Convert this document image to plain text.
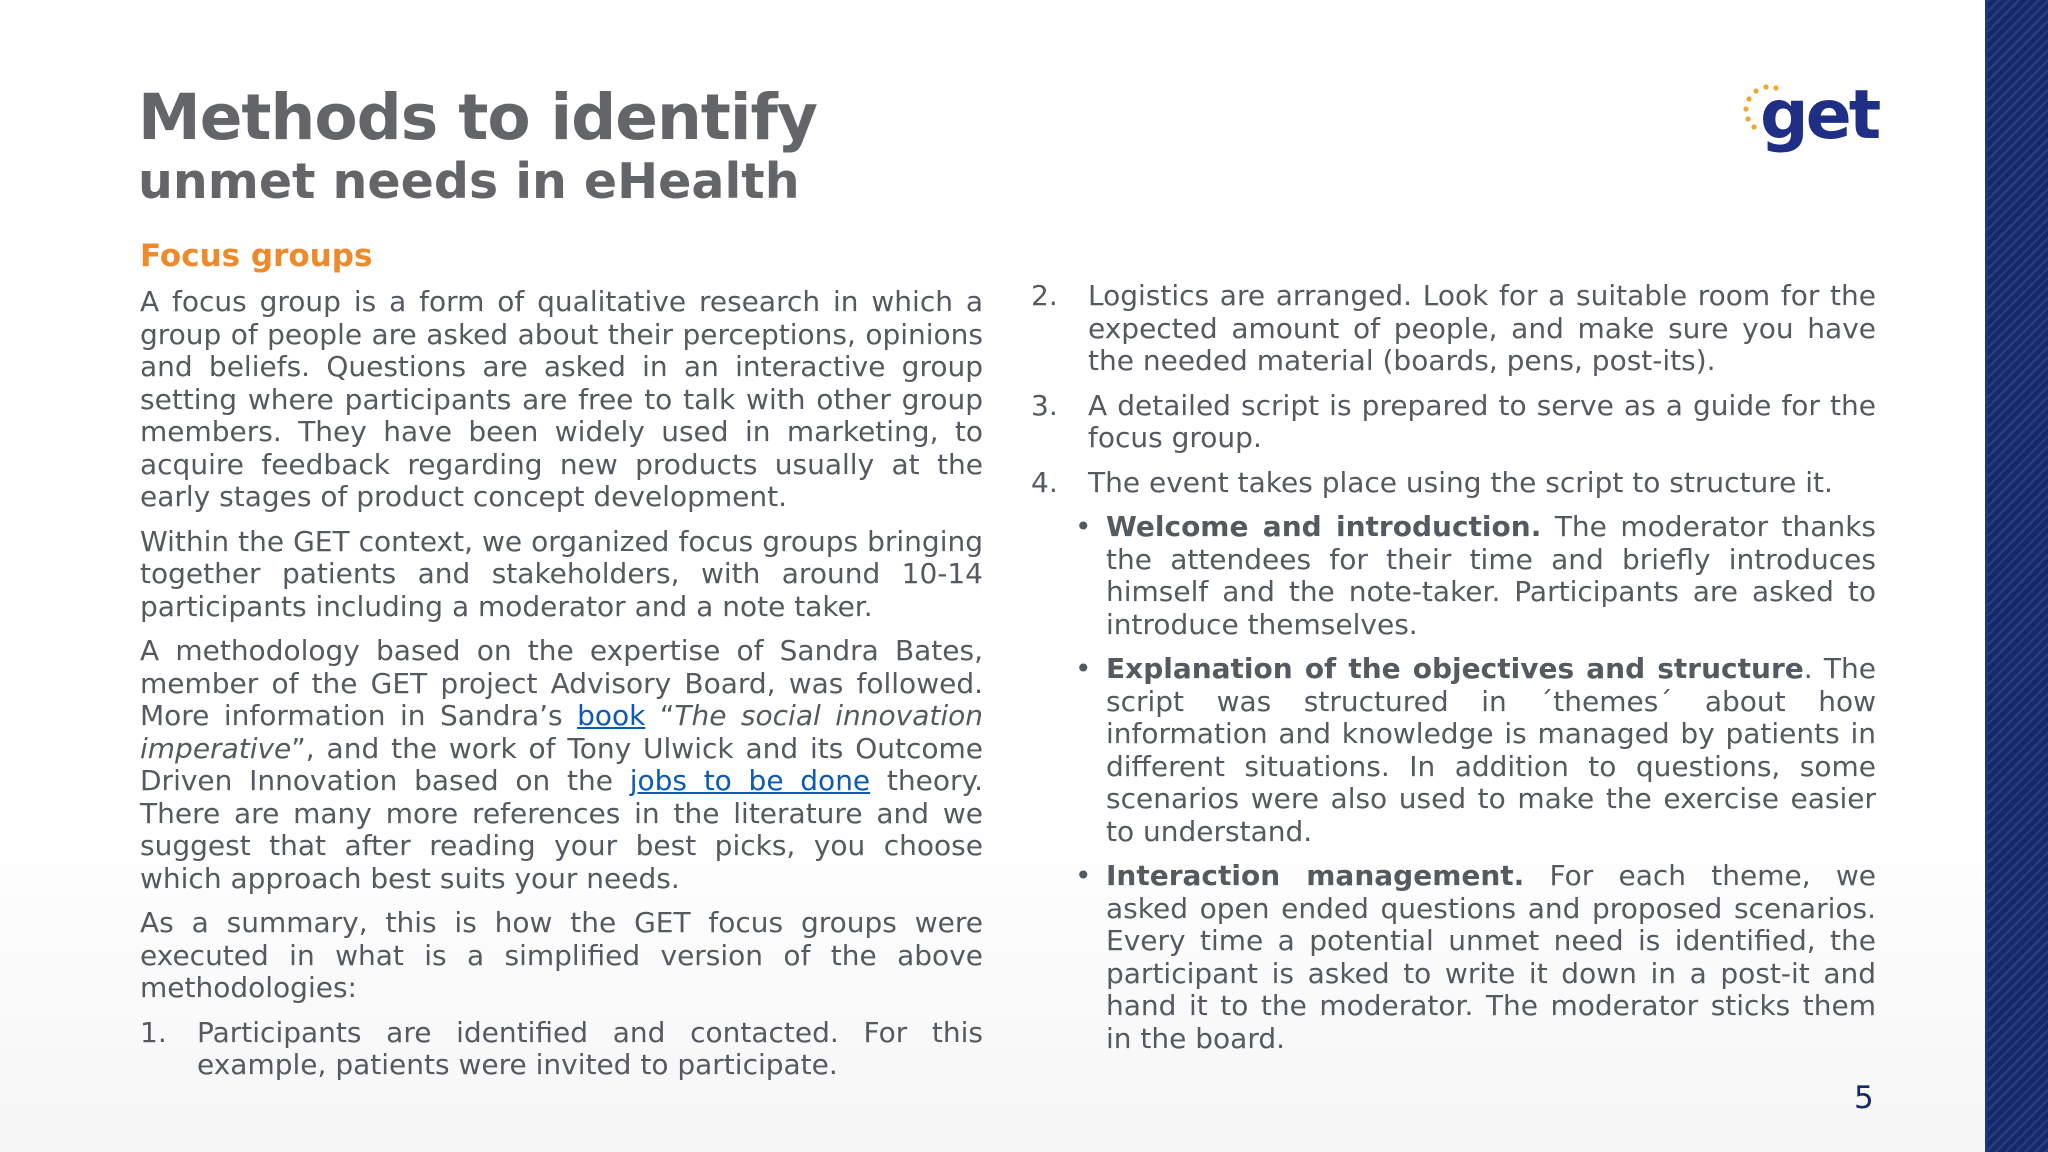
Methods to identify
unmet needs in eHealth
get
Focus groups

A focus group is a form of qualitative research in which a group of people are asked about their perceptions, opinions and beliefs. Questions are asked in an interactive group setting where participants are free to talk with other group members. They have been widely used in marketing, to acquire feedback regarding new products usually at the early stages of product concept development.

Within the GET context, we organized focus groups bringing together patients and stakeholders, with around 10-14 participants including a moderator and a note taker.

A methodology based on the expertise of Sandra Bates, member of the GET project Advisory Board, was followed. More information in Sandra’s book “The social innovation imperative”, and the work of Tony Ulwick and its Outcome Driven Innovation based on the jobs to be done theory. There are many more references in the literature and we suggest that after reading your best picks, you choose which approach best suits your needs.

As a summary, this is how the GET focus groups were executed in what is a simplified version of the above methodologies:

1.	Participants are identified and contacted. For this example, patients were invited to participate.
2.	Logistics are arranged. Look for a suitable room for the expected amount of people, and make sure you have the needed material (boards, pens, post-its).
3.	A detailed script is prepared to serve as a guide for the focus group.
4.	The event takes place using the script to structure it.
• Welcome and introduction. The moderator thanks the attendees for their time and briefly introduces himself and the note-taker. Participants are asked to introduce themselves.
• Explanation of the objectives and structure. The script was structured in ´themes´ about how information and knowledge is managed by patients in different situations. In addition to questions, some scenarios were also used to make the exercise easier to understand.
• Interaction management. For each theme, we asked open ended questions and proposed scenarios. Every time a potential unmet need is identified, the participant is asked to write it down in a post-it and hand it to the moderator. The moderator sticks them in the board.
5
